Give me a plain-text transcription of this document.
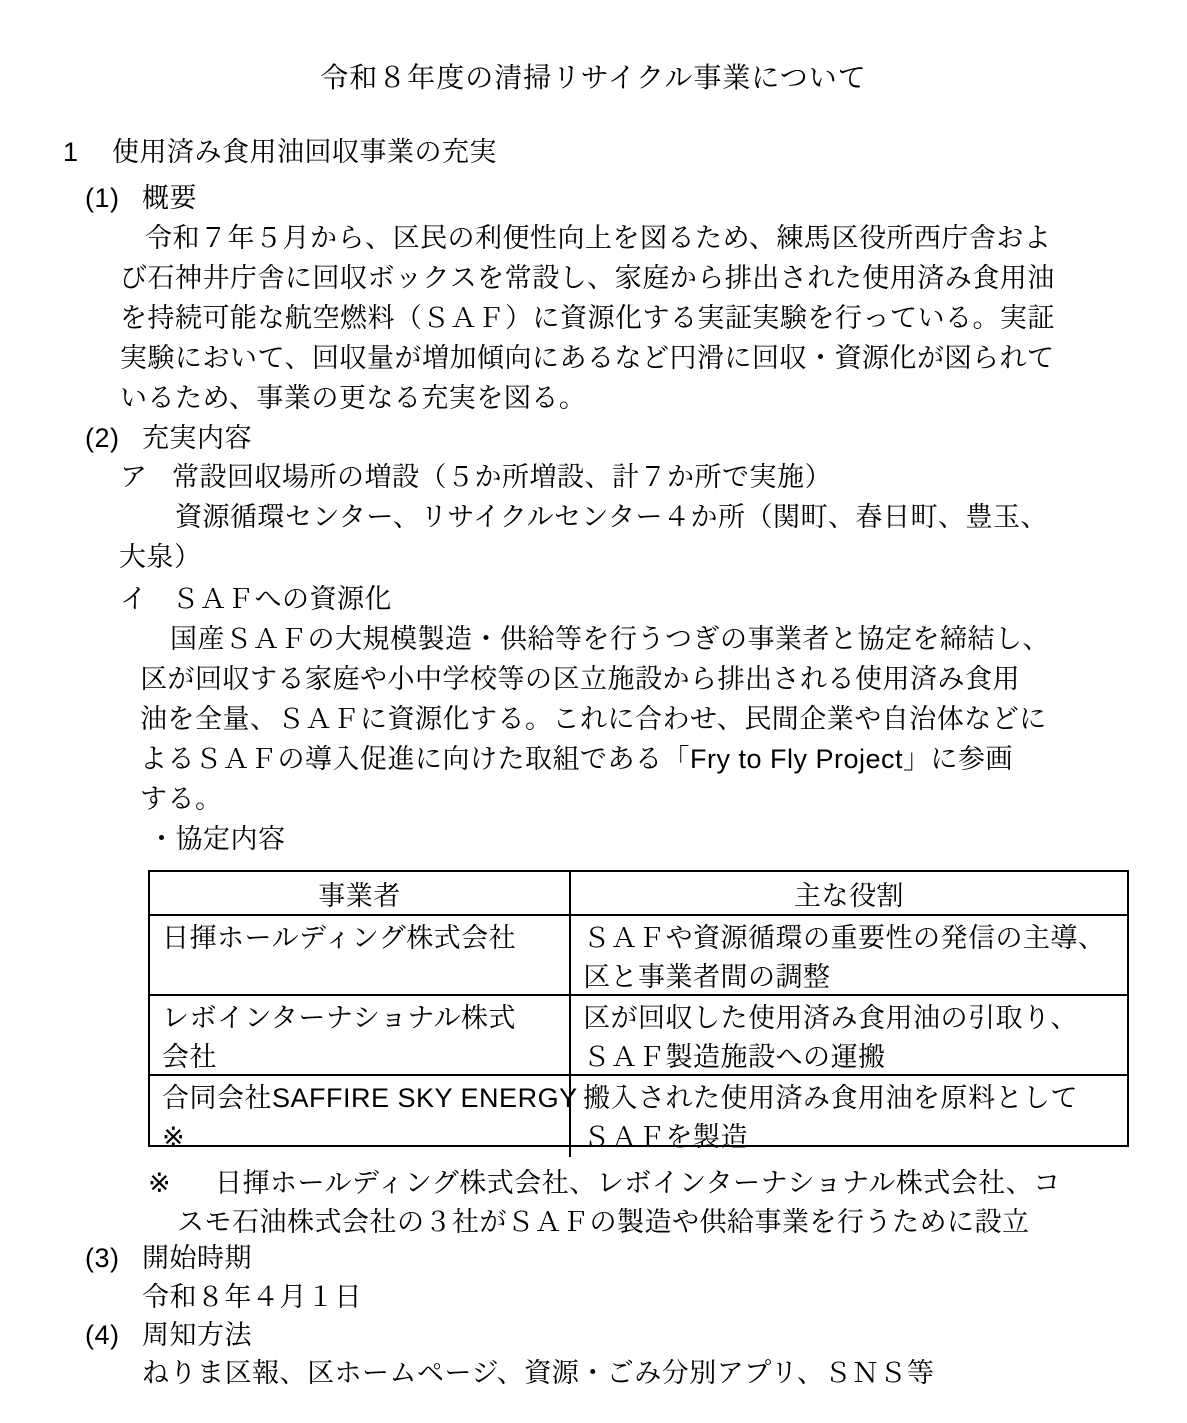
令和８年度の清掃リサイクル事業について
1 使用済み食用油回収事業の充実
(1) 概要
令和７年５月から、区民の利便性向上を図るため、練馬区役所西庁舎およ
び石神井庁舎に回収ボックスを常設し、家庭から排出された使用済み食用油
を持続可能な航空燃料（ＳＡＦ）に資源化する実証実験を行っている。実証
実験において、回収量が増加傾向にあるなど円滑に回収・資源化が図られて
いるため、事業の更なる充実を図る。
(2) 充実内容
ア 常設回収場所の増設（５か所増設、計７か所で実施）
資源循環センター、リサイクルセンター４か所（関町、春日町、豊玉、
大泉）
イ ＳＡＦへの資源化
国産ＳＡＦの大規模製造・供給等を行うつぎの事業者と協定を締結し、
区が回収する家庭や小中学校等の区立施設から排出される使用済み食用
油を全量、ＳＡＦに資源化する。これに合わせ、民間企業や自治体などに
よるＳＡＦの導入促進に向けた取組である「Fry to Fly Project」に参画
する。
・協定内容
事業者	主な役割
日揮ホールディング株式会社	ＳＡＦや資源循環の重要性の発信の主導、
区と事業者間の調整
レボインターナショナル株式
会社
区が回収した使用済み食用油の引取り、
ＳＡＦ製造施設への運搬
合同会社SAFFIRE SKY ENERGY
※
搬入された使用済み食用油を原料として
ＳＡＦを製造
※ 日揮ホールディング株式会社、レボインターナショナル株式会社、コ
スモ石油株式会社の３社がＳＡＦの製造や供給事業を行うために設立
(3) 開始時期
令和８年４月１日
(4) 周知方法
ねりま区報、区ホームページ、資源・ごみ分別アプリ、ＳＮＳ等
